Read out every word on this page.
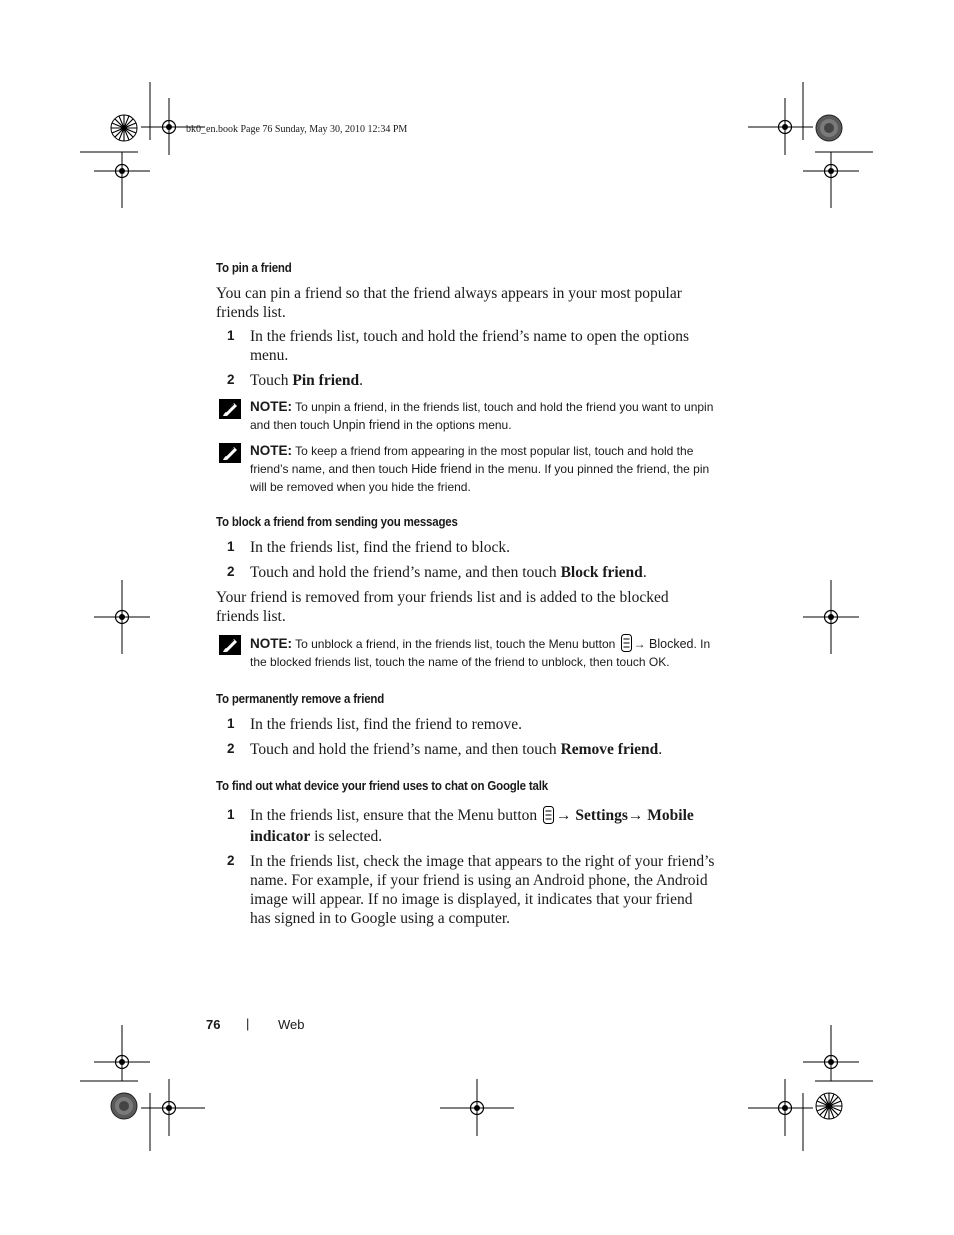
bk0_en.book Page 76 Sunday, May 30, 2010 12:34 PM
To pin a friend
You can pin a friend so that the friend always appears in your most popular friends list.
1 In the friends list, touch and hold the friend’s name to open the options menu.
2 Touch Pin friend.
NOTE: To unpin a friend, in the friends list, touch and hold the friend you want to unpin and then touch Unpin friend in the options menu.
NOTE: To keep a friend from appearing in the most popular list, touch and hold the friend’s name, and then touch Hide friend in the menu. If you pinned the friend, the pin will be removed when you hide the friend.
To block a friend from sending you messages
1 In the friends list, find the friend to block.
2 Touch and hold the friend’s name, and then touch Block friend.
Your friend is removed from your friends list and is added to the blocked friends list.
NOTE: To unblock a friend, in the friends list, touch the Menu button → Blocked. In the blocked friends list, touch the name of the friend to unblock, then touch OK.
To permanently remove a friend
1 In the friends list, find the friend to remove.
2 Touch and hold the friend’s name, and then touch Remove friend.
To find out what device your friend uses to chat on Google talk
1 In the friends list, ensure that the Menu button → Settings→ Mobile indicator is selected.
2 In the friends list, check the image that appears to the right of your friend’s name. For example, if your friend is using an Android phone, the Android image will appear. If no image is displayed, it indicates that your friend has signed in to Google using a computer.
76 | Web
